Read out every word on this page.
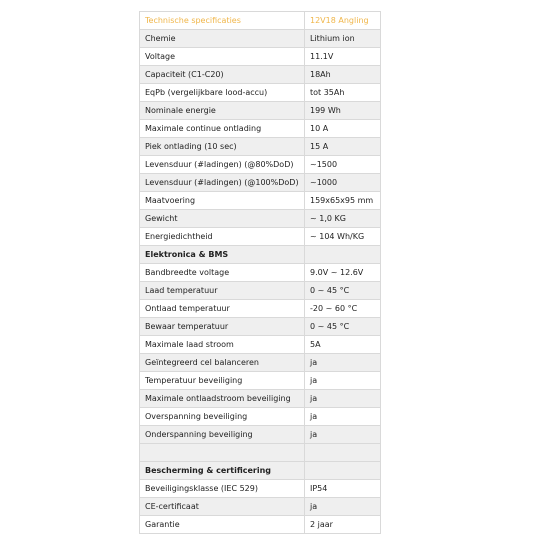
Technische specificaties	12V18 Angling
Chemie	Lithium ion
Voltage	11.1V
Capaciteit (C1-C20)	18Ah
EqPb (vergelijkbare lood-accu)	tot 35Ah
Nominale energie	199 Wh
Maximale continue ontlading	10 A
Piek ontlading (10 sec)	15 A
Levensduur (#ladingen) (@80%DoD)	~1500
Levensduur (#ladingen) (@100%DoD)	~1000
Maatvoering	159x65x95 mm
Gewicht	~ 1,0 KG
Energiedichtheid	~ 104 Wh/KG
Elektronica & BMS	
Bandbreedte voltage	9.0V ~ 12.6V
Laad temperatuur	0 ~ 45 °C
Ontlaad temperatuur	-20 ~ 60 °C
Bewaar temperatuur	0 ~ 45 °C
Maximale laad stroom	5A
Geïntegreerd cel balanceren	ja
Temperatuur beveiliging	ja
Maximale ontlaadstroom beveiliging	ja
Overspanning beveiliging	ja
Onderspanning beveiliging	ja

Bescherming & certificering	
Beveiligingsklasse (IEC 529)	IP54
CE-certificaat	ja
Garantie	2 jaar
